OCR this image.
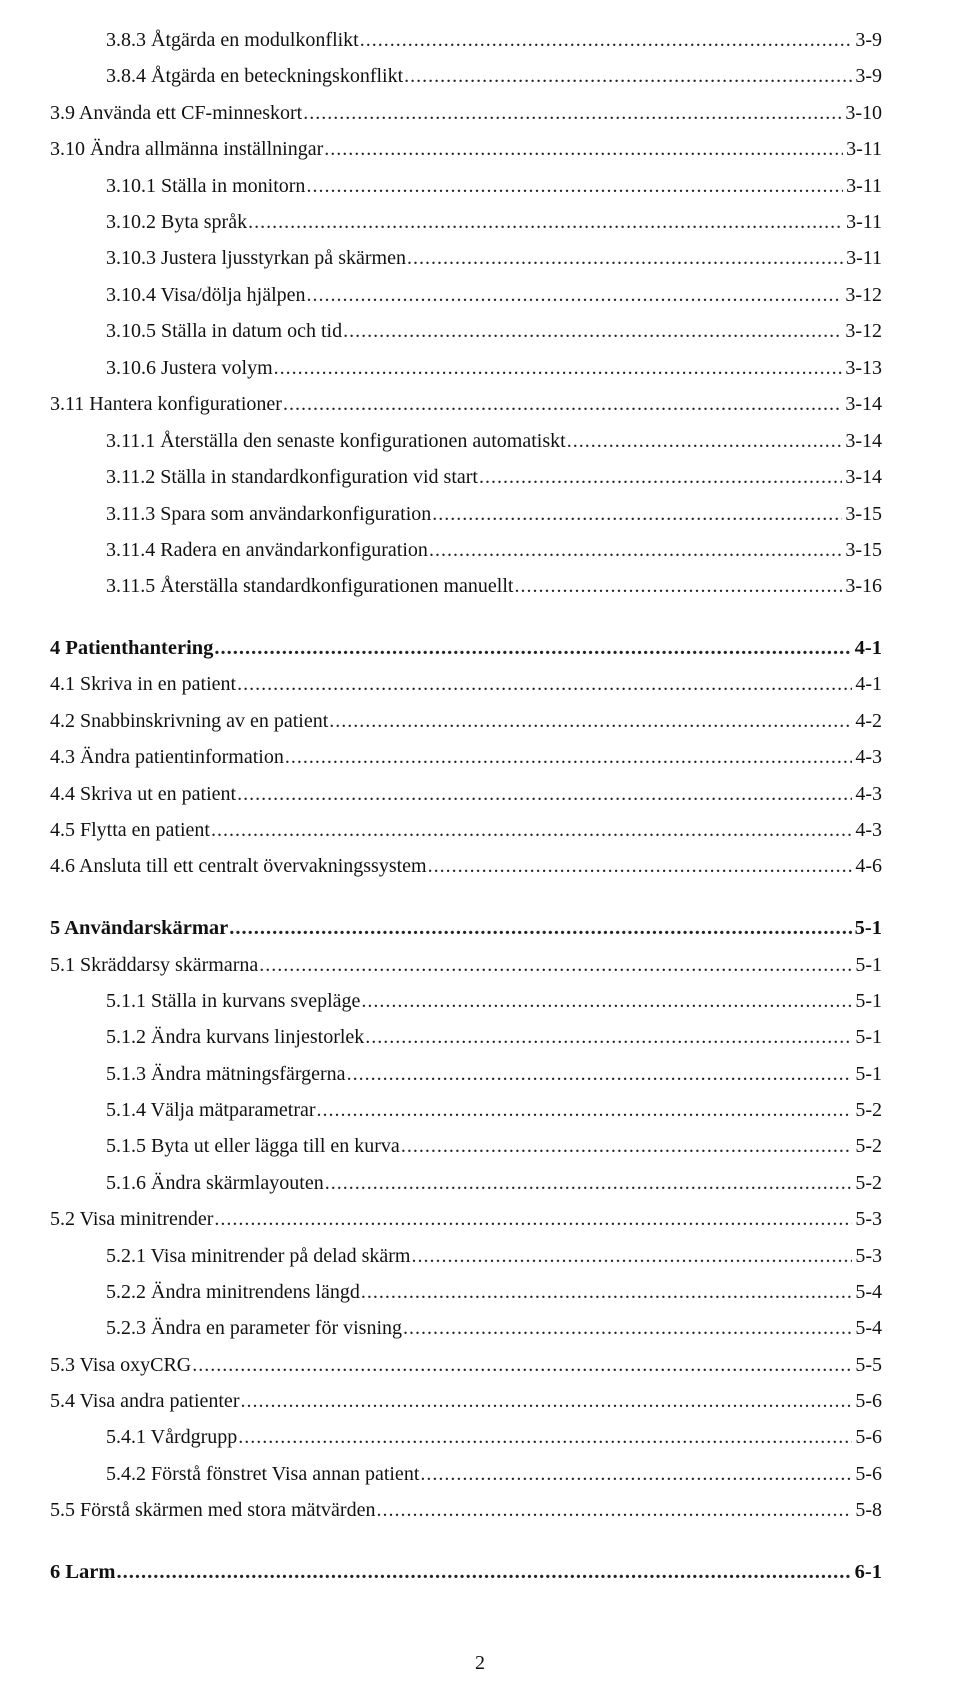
3.8.3 Åtgärda en modulkonflikt .....	3-9
3.8.4 Åtgärda en beteckningskonflikt .....	3-9
3.9 Använda ett CF-minneskort .....	3-10
3.10 Ändra allmänna inställningar .....	3-11
3.10.1 Ställa in monitorn .....	3-11
3.10.2 Byta språk .....	3-11
3.10.3 Justera ljusstyrkan på skärmen .....	3-11
3.10.4 Visa/dölja hjälpen .....	3-12
3.10.5 Ställa in datum och tid .....	3-12
3.10.6 Justera volym .....	3-13
3.11 Hantera konfigurationer .....	3-14
3.11.1 Återställa den senaste konfigurationen automatiskt .....	3-14
3.11.2 Ställa in standardkonfiguration vid start .....	3-14
3.11.3 Spara som användarkonfiguration .....	3-15
3.11.4 Radera en användarkonfiguration .....	3-15
3.11.5 Återställa standardkonfigurationen manuellt .....	3-16
4 Patienthantering .....	4-1
4.1 Skriva in en patient .....	4-1
4.2 Snabbinskrivning av en patient .....	4-2
4.3 Ändra patientinformation .....	4-3
4.4 Skriva ut en patient .....	4-3
4.5 Flytta en patient .....	4-3
4.6 Ansluta till ett centralt övervakningssystem .....	4-6
5 Användarskärmar .....	5-1
5.1 Skräddarsy skärmarna .....	5-1
5.1.1 Ställa in kurvans svepläge .....	5-1
5.1.2 Ändra kurvans linjestorlek .....	5-1
5.1.3 Ändra mätningsfärgerna .....	5-1
5.1.4 Välja mätparametrar .....	5-2
5.1.5 Byta ut eller lägga till en kurva .....	5-2
5.1.6 Ändra skärmlayouten .....	5-2
5.2 Visa minitrender .....	5-3
5.2.1 Visa minitrender på delad skärm .....	5-3
5.2.2 Ändra minitrendens längd .....	5-4
5.2.3 Ändra en parameter för visning .....	5-4
5.3 Visa oxyCRG .....	5-5
5.4 Visa andra patienter .....	5-6
5.4.1 Vårdgrupp .....	5-6
5.4.2 Förstå fönstret Visa annan patient .....	5-6
5.5 Förstå skärmen med stora mätvärden .....	5-8
6 Larm .....	6-1
2
